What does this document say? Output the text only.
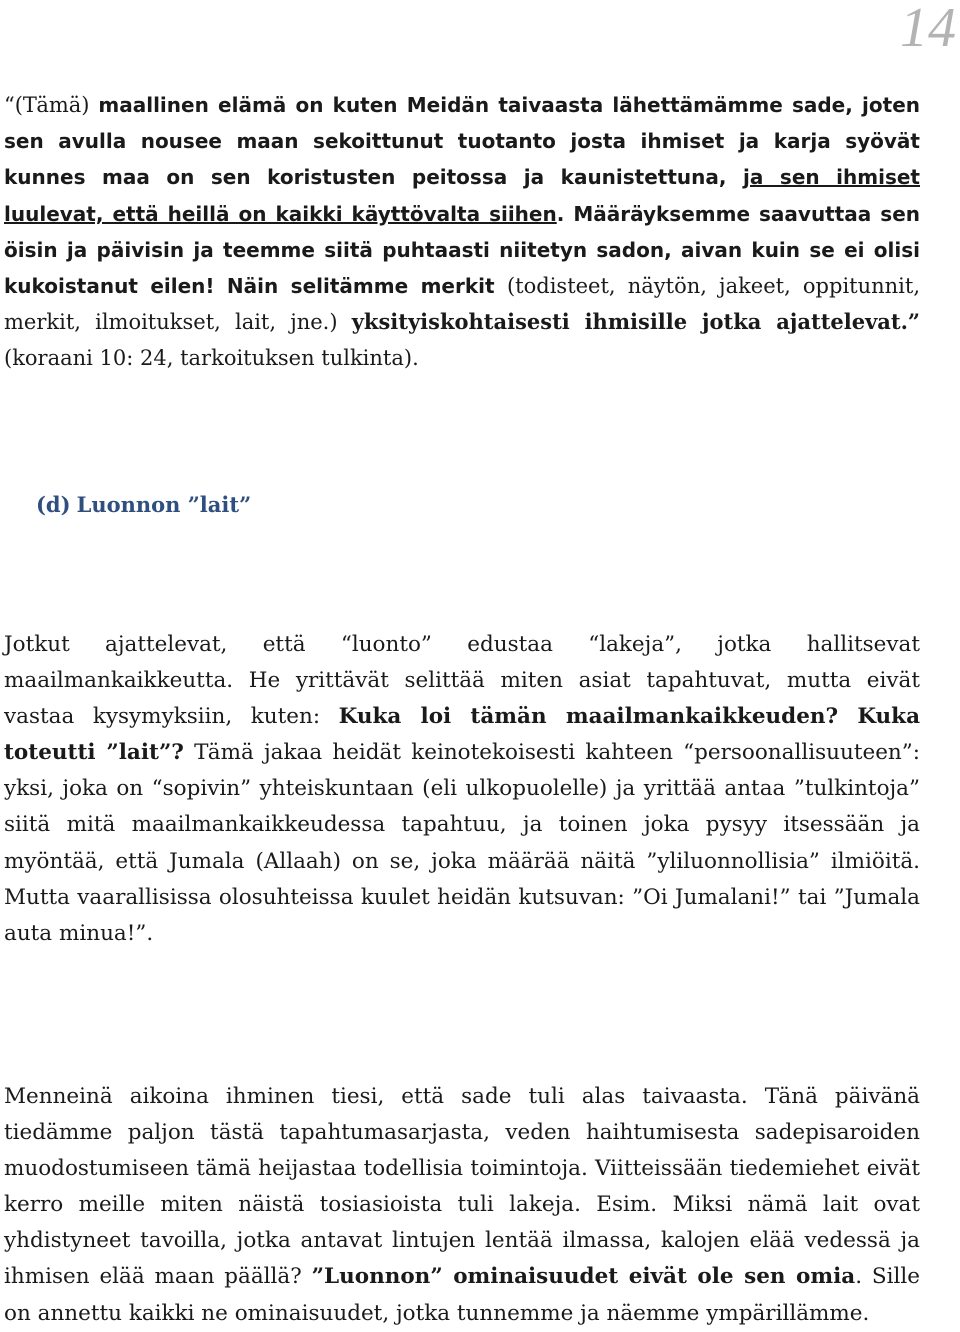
14

“(Tämä) maallinen elämä on kuten Meidän taivaasta lähettämämme sade, joten sen avulla nousee maan sekoittunut tuotanto josta ihmiset ja karja syövät kunnes maa on sen koristusten peitossa ja kaunistettuna, ja sen ihmiset luulevat, että heillä on kaikki käyttövalta siihen. Määräyksemme saavuttaa sen öisin ja päivisin ja teemme siitä puhtaasti niitetyn sadon, aivan kuin se ei olisi kukoistanut eilen! Näin selitämme merkit (todisteet, näytön, jakeet, oppitunnit, merkit, ilmoitukset, lait, jne.) yksityiskohtaisesti ihmisille jotka ajattelevat.” (koraani 10: 24, tarkoituksen tulkinta).

(d) Luonnon ”lait”

Jotkut ajattelevat, että “luonto” edustaa “lakeja”, jotka hallitsevat maailmankaikkeutta. He yrittävät selittää miten asiat tapahtuvat, mutta eivät vastaa kysymyksiin, kuten: Kuka loi tämän maailmankaikkeuden? Kuka toteutti ”lait”? Tämä jakaa heidät keinotekoisesti kahteen “persoonallisuuteen”: yksi, joka on “sopivin” yhteiskuntaan (eli ulkopuolelle) ja yrittää antaa ”tulkintoja” siitä mitä maailmankaikkeudessa tapahtuu, ja toinen joka pysyy itsessään ja myöntää, että Jumala (Allaah) on se, joka määrää näitä ”yliluonnollisia” ilmiöitä. Mutta vaarallisissa olosuhteissa kuulet heidän kutsuvan: ”Oi Jumalani!” tai ”Jumala auta minua!”.

Menneinä aikoina ihminen tiesi, että sade tuli alas taivaasta. Tänä päivänä tiedämme paljon tästä tapahtumasarjasta, veden haihtumisesta sadepisaroiden muodostumiseen tämä heijastaa todellisia toimintoja. Viitteissään tiedemiehet eivät kerro meille miten näistä tosiasioista tuli lakeja. Esim. Miksi nämä lait ovat yhdistyneet tavoilla, jotka antavat lintujen lentää ilmassa, kalojen elää vedessä ja ihmisen elää maan päällä? ”Luonnon” ominaisuudet eivät ole sen omia. Sille on annettu kaikki ne ominaisuudet, jotka tunnemme ja näemme ympärillämme.
